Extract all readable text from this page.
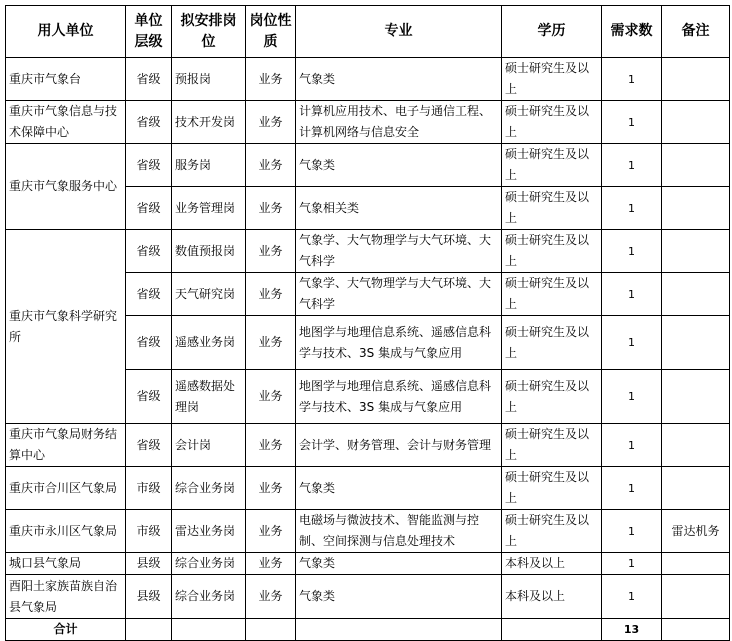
用人单位	单位层级	拟安排岗位	岗位性质	专业	学历	需求数	备注
重庆市气象台	省级	预报岗	业务	气象类	硕士研究生及以上	1	
重庆市气象信息与技术保障中心	省级	技术开发岗	业务	计算机应用技术、电子与通信工程、计算机网络与信息安全	硕士研究生及以上	1	
重庆市气象服务中心	省级	服务岗	业务	气象类	硕士研究生及以上	1	
	省级	业务管理岗	业务	气象相关类	硕士研究生及以上	1	
重庆市气象科学研究所	省级	数值预报岗	业务	气象学、大气物理学与大气环境、大气科学	硕士研究生及以上	1	
	省级	天气研究岗	业务	气象学、大气物理学与大气环境、大气科学	硕士研究生及以上	1	
	省级	遥感业务岗	业务	地图学与地理信息系统、遥感信息科学与技术、3S 集成与气象应用	硕士研究生及以上	1	
	省级	遥感数据处理岗	业务	地图学与地理信息系统、遥感信息科学与技术、3S 集成与气象应用	硕士研究生及以上	1	
重庆市气象局财务结算中心	省级	会计岗	业务	会计学、财务管理、会计与财务管理	硕士研究生及以上	1	
重庆市合川区气象局	市级	综合业务岗	业务	气象类	硕士研究生及以上	1	
重庆市永川区气象局	市级	雷达业务岗	业务	电磁场与微波技术、智能监测与控制、空间探测与信息处理技术	硕士研究生及以上	1	雷达机务
城口县气象局	县级	综合业务岗	业务	气象类	本科及以上	1	
酉阳土家族苗族自治县气象局	县级	综合业务岗	业务	气象类	本科及以上	1	
合计						13	
